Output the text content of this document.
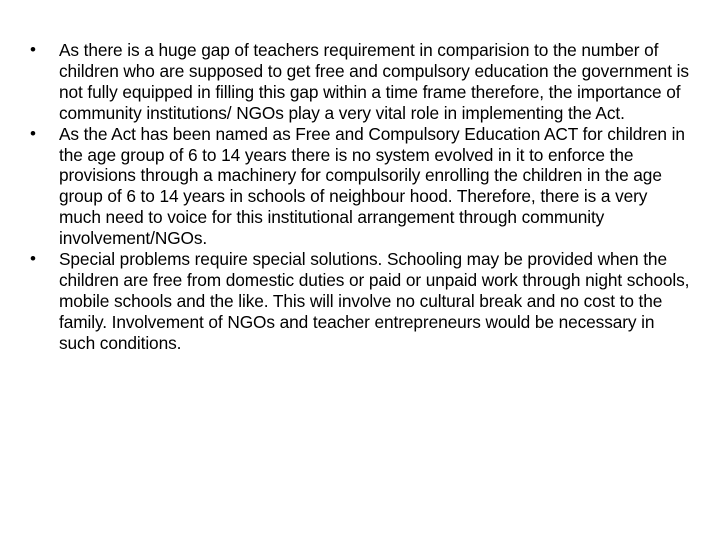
• As there is a huge gap of teachers requirement in comparision to the number of children who are supposed to get free and compulsory education the government is not fully equipped in filling this gap within a time frame therefore, the importance of community institutions/ NGOs play a very vital role in implementing the Act.
• As the Act has been named as Free and Compulsory Education ACT for children in the age group of 6 to 14 years there is no system evolved in it to enforce the provisions through a machinery for compulsorily enrolling the children in the age group of 6 to 14 years in schools of neighbour hood. Therefore, there is a very much need to voice for this institutional arrangement through community involvement/NGOs.
• Special problems require special solutions. Schooling may be provided when the children are free from domestic duties or paid or unpaid work through night schools, mobile schools and the like. This will involve no cultural break and no cost to the family. Involvement of NGOs and teacher entrepreneurs would be necessary in such conditions.
